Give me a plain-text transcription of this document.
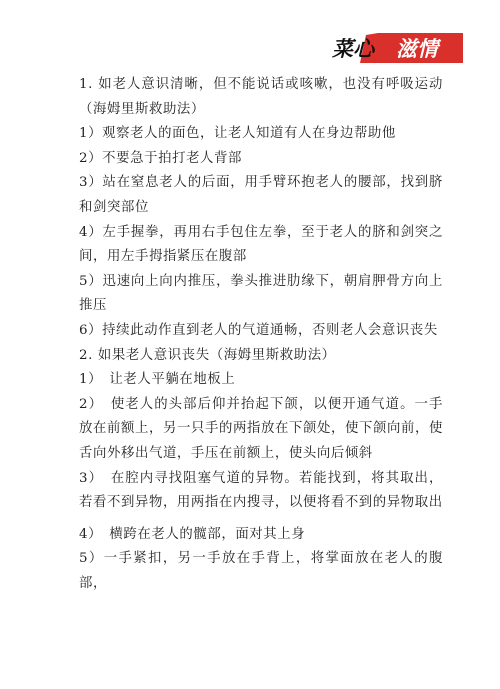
菜心 滋情

1. 如老人意识清晰，但不能说话或咳嗽，也没有呼吸运动（海姆里斯救助法）

1）观察老人的面色，让老人知道有人在身边帮助他

2）不要急于拍打老人背部

3）站在窒息老人的后面，用手臂环抱老人的腰部，找到脐和剑突部位

4）左手握拳，再用右手包住左拳，至于老人的脐和剑突之间，用左手拇指紧压在腹部

5）迅速向上向内推压，拳头推进肋缘下，朝肩胛骨方向上推压

6）持续此动作直到老人的气道通畅，否则老人会意识丧失

2. 如果老人意识丧失（海姆里斯救助法）

1）　让老人平躺在地板上

2）　使老人的头部后仰并抬起下颌，以便开通气道。一手放在前额上，另一只手的两指放在下颌处，使下颌向前，使舌向外移出气道，手压在前额上，使头向后倾斜

3）　在腔内寻找阻塞气道的异物。若能找到，将其取出，若看不到异物，用两指在内搜寻，以便将看不到的异物取出

4）　横跨在老人的髋部，面对其上身

5）一手紧扣，另一手放在手背上，将掌面放在老人的腹部，
